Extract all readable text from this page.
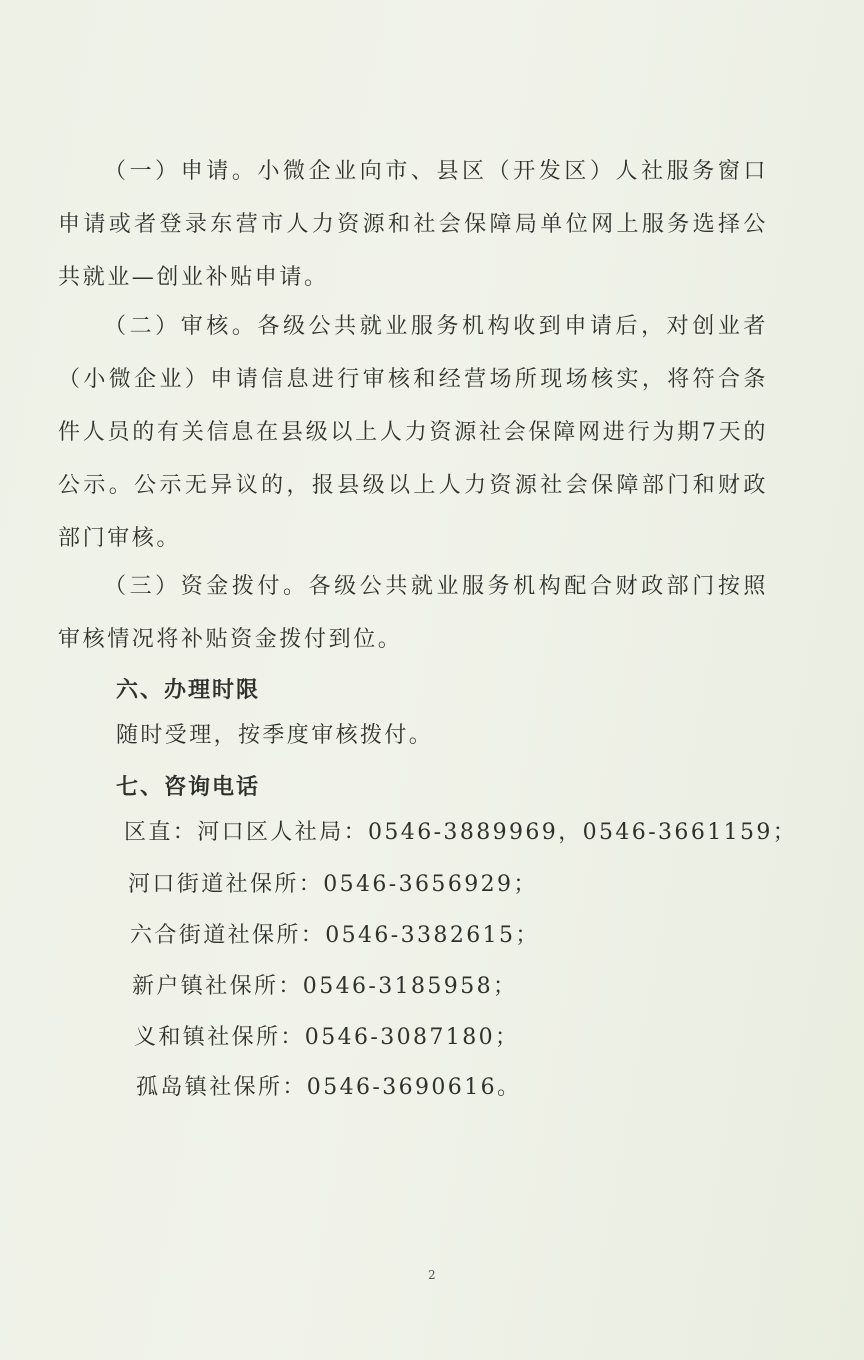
（一）申请。小微企业向市、县区（开发区）人社服务窗口申请或者登录东营市人力资源和社会保障局单位网上服务选择公共就业—创业补贴申请。

（二）审核。各级公共就业服务机构收到申请后，对创业者（小微企业）申请信息进行审核和经营场所现场核实，将符合条件人员的有关信息在县级以上人力资源社会保障网进行为期7天的公示。公示无异议的，报县级以上人力资源社会保障部门和财政部门审核。

（三）资金拨付。各级公共就业服务机构配合财政部门按照审核情况将补贴资金拨付到位。

六、办理时限

随时受理，按季度审核拨付。

七、咨询电话

区直：河口区人社局：0546-3889969，0546-3661159；

河口街道社保所：0546-3656929；

六合街道社保所：0546-3382615；

新户镇社保所：0546-3185958；

义和镇社保所：0546-3087180；

孤岛镇社保所：0546-3690616。

2
